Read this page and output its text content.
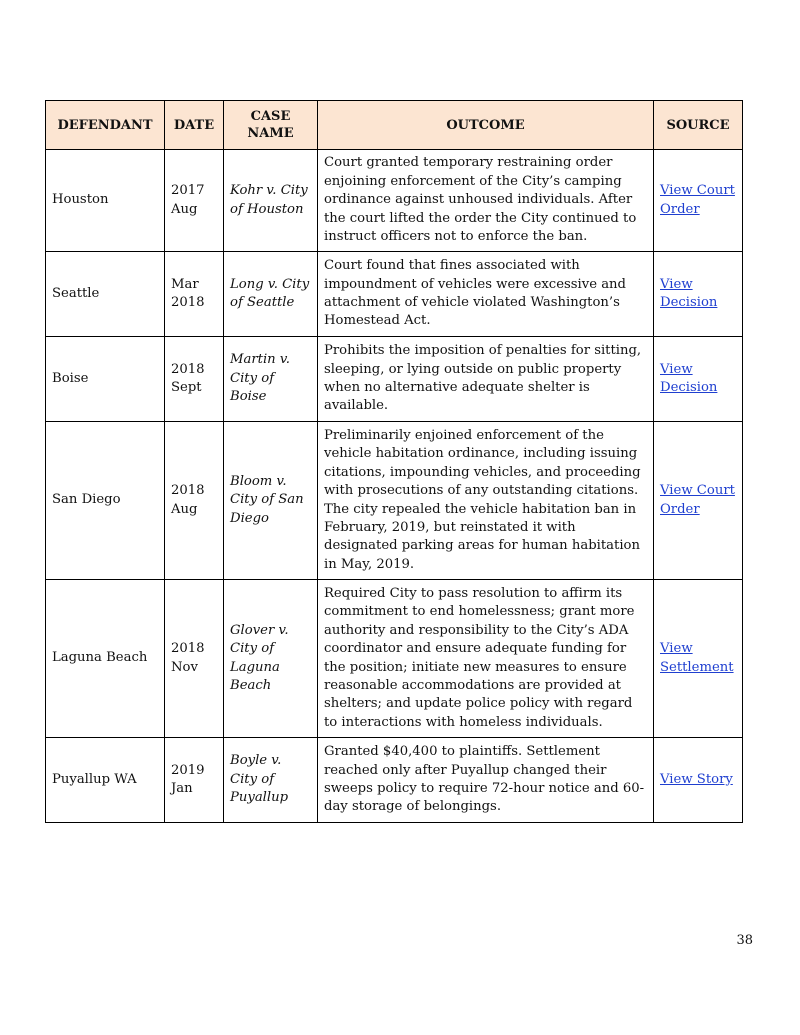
DEFENDANT	DATE	CASE NAME	OUTCOME	SOURCE
Houston	2017 Aug	Kohr v. City of Houston	Court granted temporary restraining order enjoining enforcement of the City’s camping ordinance against unhoused individuals. After the court lifted the order the City continued to instruct officers not to enforce the ban.	View Court Order
Seattle	Mar 2018	Long v. City of Seattle	Court found that fines associated with impoundment of vehicles were excessive and attachment of vehicle violated Washington’s Homestead Act.	View Decision
Boise	2018 Sept	Martin v. City of Boise	Prohibits the imposition of penalties for sitting, sleeping, or lying outside on public property when no alternative adequate shelter is available.	View Decision
San Diego	2018 Aug	Bloom v. City of San Diego	Preliminarily enjoined enforcement of the vehicle habitation ordinance, including issuing citations, impounding vehicles, and proceeding with prosecutions of any outstanding citations. The city repealed the vehicle habitation ban in February, 2019, but reinstated it with designated parking areas for human habitation in May, 2019.	View Court Order
Laguna Beach	2018 Nov	Glover v. City of Laguna Beach	Required City to pass resolution to affirm its commitment to end homelessness; grant more authority and responsibility to the City’s ADA coordinator and ensure adequate funding for the position; initiate new measures to ensure reasonable accommodations are provided at shelters; and update police policy with regard to interactions with homeless individuals.	View Settlement
Puyallup WA	2019 Jan	Boyle v. City of Puyallup	Granted $40,400 to plaintiffs. Settlement reached only after Puyallup changed their sweeps policy to require 72-hour notice and 60-day storage of belongings.	View Story
38
